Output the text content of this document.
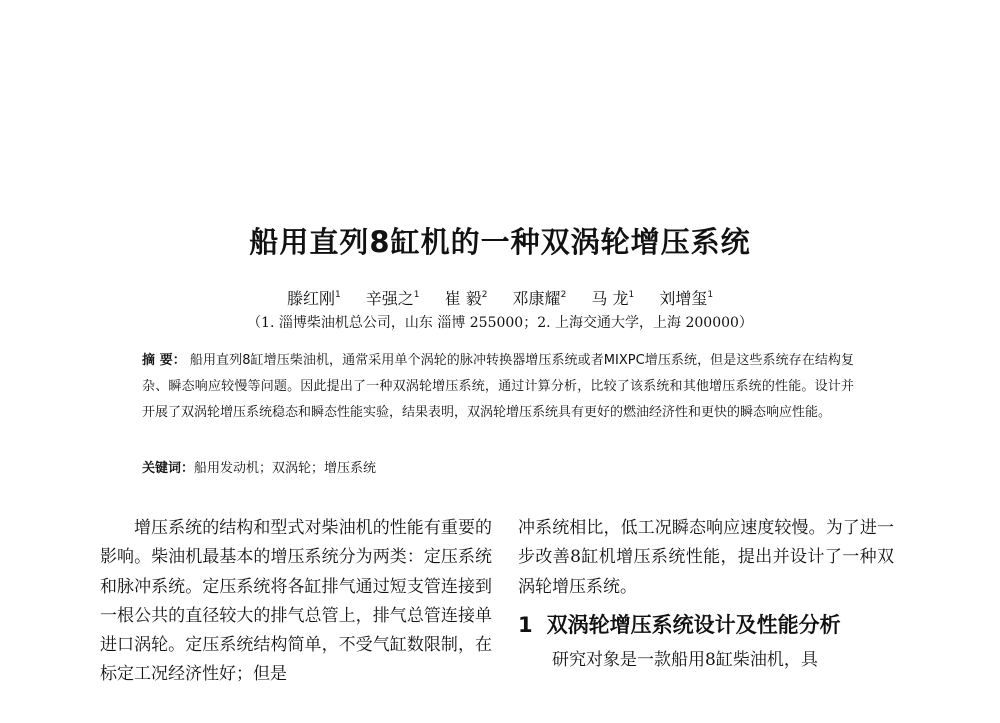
船用直列8缸机的一种双涡轮增压系统
滕红刚$^1$ 辛强之$^1$ 崔 毅$^2$ 邓康耀$^2$ 马 龙$^1$ 刘增玺$^1$
（1. 淄博柴油机总公司，山东 淄博 255000；2. 上海交通大学，上海 200000）
摘 要： 船用直列8缸增压柴油机，通常采用单个涡轮的脉冲转换器增压系统或者MIXPC增压系统，但是这些系统存在结构复杂、瞬态响应较慢等问题。因此提出了一种双涡轮增压系统，通过计算分析，比较了该系统和其他增压系统的性能。设计并开展了双涡轮增压系统稳态和瞬态性能实验，结果表明，双涡轮增压系统具有更好的燃油经济性和更快的瞬态响应性能。
关键词：船用发动机；双涡轮；增压系统

增压系统的结构和型式对柴油机的性能有重要的影响。柴油机最基本的增压系统分为两类：定压系统和脉冲系统。定压系统将各缸排气通过短支管连接到一根公共的直径较大的排气总管上，排气总管连接单进口涡轮。定压系统结构简单，不受气缸数限制，在标定工况经济性好；但是

冲系统相比，低工况瞬态响应速度较慢。为了进一步改善8缸机增压系统性能，提出并设计了一种双涡轮增压系统。

1 双涡轮增压系统设计及性能分析

研究对象是一款船用8缸柴油机，具
